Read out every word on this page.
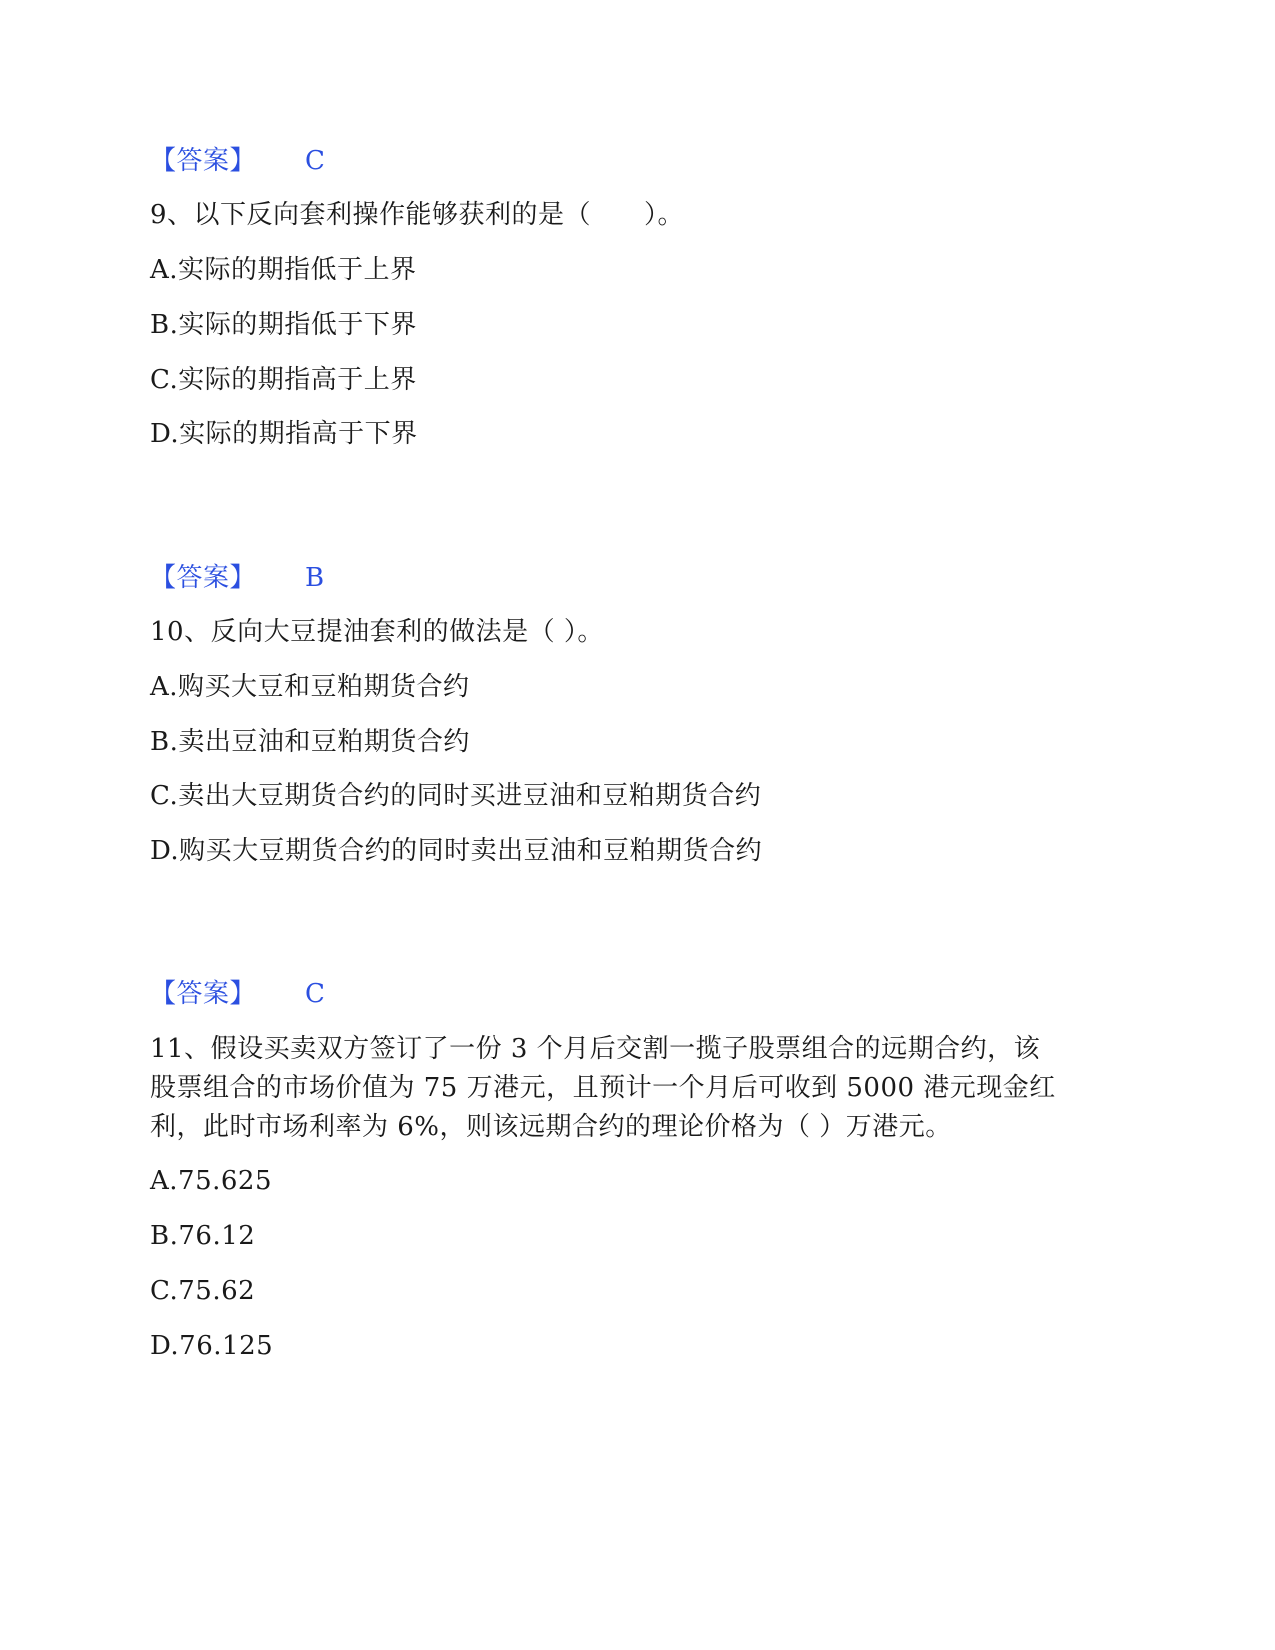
【答案】 C
9、以下反向套利操作能够获利的是（　　）。
A.实际的期指低于上界
B.实际的期指低于下界
C.实际的期指高于上界
D.实际的期指高于下界
【答案】 B
10、反向大豆提油套利的做法是（ ）。
A.购买大豆和豆粕期货合约
B.卖出豆油和豆粕期货合约
C.卖出大豆期货合约的同时买进豆油和豆粕期货合约
D.购买大豆期货合约的同时卖出豆油和豆粕期货合约
【答案】 C
11、假设买卖双方签订了一份 3 个月后交割一揽子股票组合的远期合约，该
股票组合的市场价值为 75 万港元，且预计一个月后可收到 5000 港元现金红
利，此时市场利率为 6%，则该远期合约的理论价格为（ ）万港元。
A.75.625
B.76.12
C.75.62
D.76.125
